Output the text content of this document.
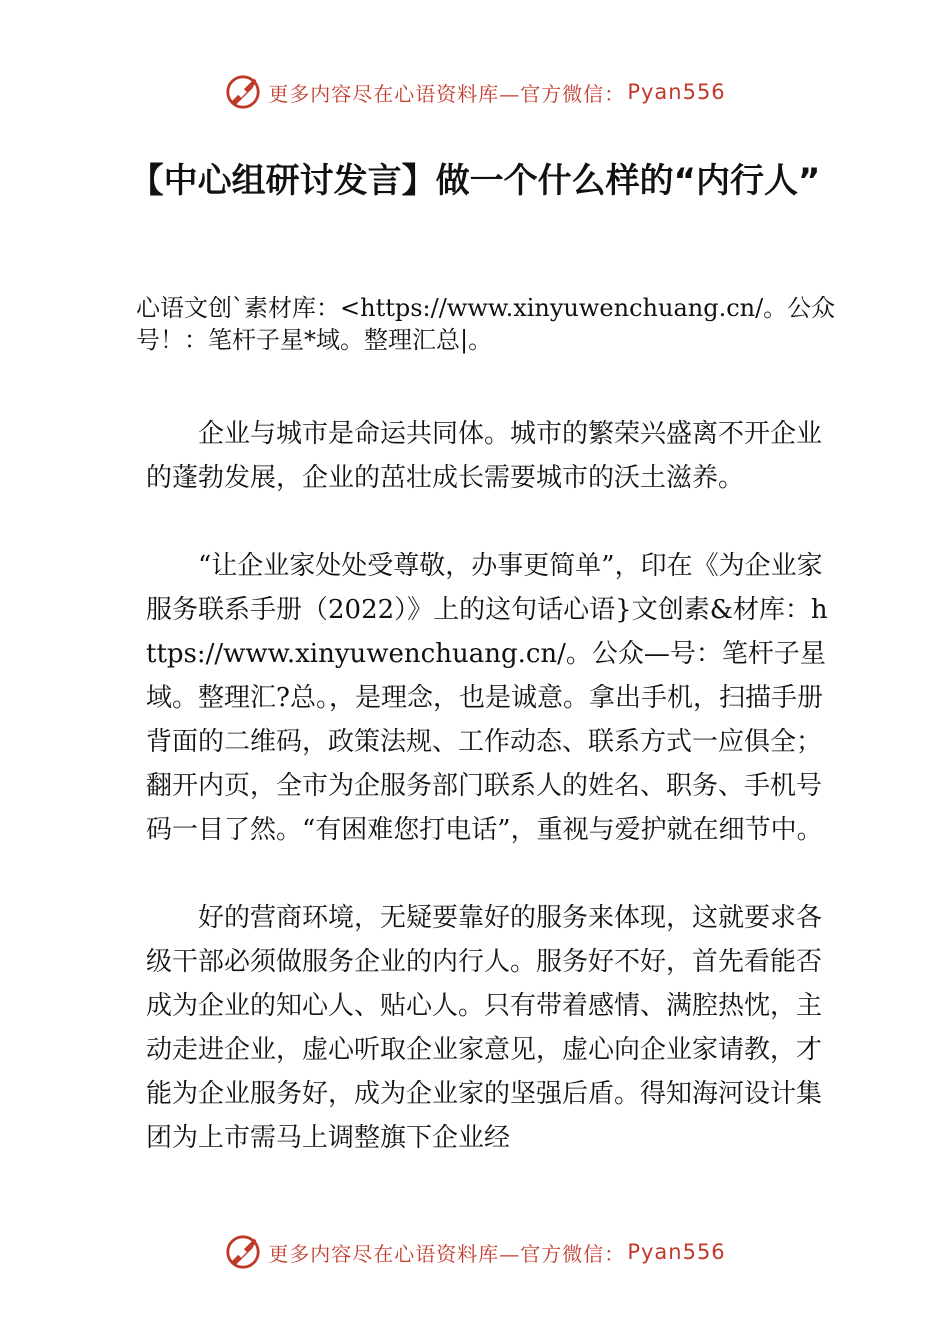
更多内容尽在心语资料库—官方微信： Pyan556
【中心组研讨发言】做一个什么样的“内行人”
心语文创`素材库：<https://www.xinyuwenchuang.cn/。公众号！：笔杆子星*域。整理汇总|。

企业与城市是命运共同体。城市的繁荣兴盛离不开企业的蓬勃发展，企业的茁壮成长需要城市的沃土滋养。

“让企业家处处受尊敬，办事更简单”，印在《为企业家服务联系手册（2022）》上的这句话心语}文创素&材库：https://www.xinyuwenchuang.cn/。公众—号：笔杆子星域。整理汇?总。，是理念，也是诚意。拿出手机，扫描手册背面的二维码，政策法规、工作动态、联系方式一应俱全；翻开内页，全市为企服务部门联系人的姓名、职务、手机号码一目了然。“有困难您打电话”，重视与爱护就在细节中。

好的营商环境，无疑要靠好的服务来体现，这就要求各级干部必须做服务企业的内行人。服务好不好，首先看能否成为企业的知心人、贴心人。只有带着感情、满腔热忱，主动走进企业，虚心听取企业家意见，虚心向企业家请教，才能为企业服务好，成为企业家的坚强后盾。得知海河设计集团为上市需马上调整旗下企业经

更多内容尽在心语资料库—官方微信： Pyan556
